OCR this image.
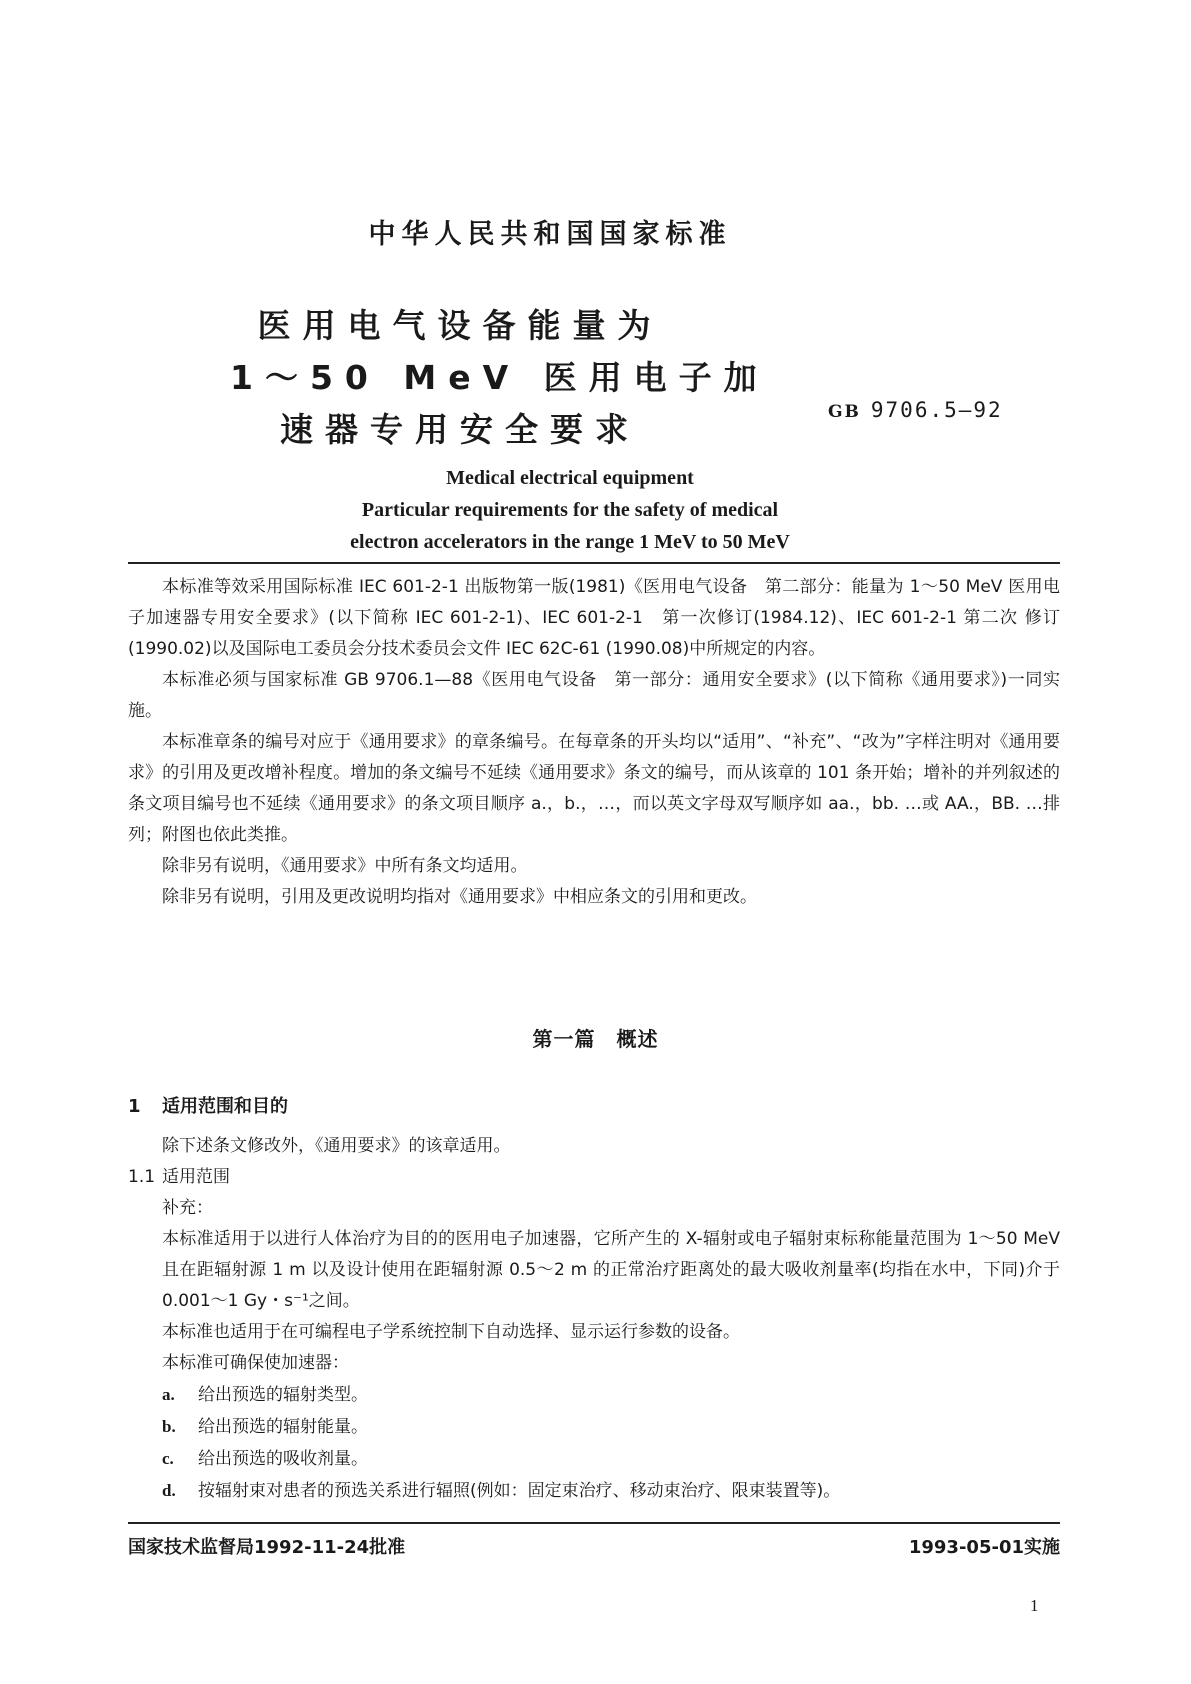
中华人民共和国国家标准
医用电气设备能量为
1～50 MeV 医用电子加
速器专用安全要求	GB 9706.5—92
Medical electrical equipment
Particular requirements for the safety of medical
electron accelerators in the range 1 MeV to 50 MeV

本标准等效采用国际标准 IEC 601-2-1 出版物第一版(1981)《医用电气设备　第二部分：能量为 1～50 MeV 医用电子加速器专用安全要求》(以下简称 IEC 601-2-1)、IEC 601-2-1　第一次修订(1984.12)、IEC 601-2-1 第二次 修订(1990.02)以及国际电工委员会分技术委员会文件 IEC 62C-61 (1990.08)中所规定的内容。

本标准必须与国家标准 GB 9706.1—88《医用电气设备　第一部分：通用安全要求》(以下简称《通用要求》)一同实施。

本标准章条的编号对应于《通用要求》的章条编号。在每章条的开头均以“适用”、“补充”、“改为”字样注明对《通用要求》的引用及更改增补程度。增加的条文编号不延续《通用要求》条文的编号，而从该章的 101 条开始；增补的并列叙述的条文项目编号也不延续《通用要求》的条文项目顺序 a.，b.，…，而以英文字母双写顺序如 aa.，bb. …或 AA.，BB. …排列；附图也依此类推。

除非另有说明，《通用要求》中所有条文均适用。

除非另有说明，引用及更改说明均指对《通用要求》中相应条文的引用和更改。

第一篇　概述
1 适用范围和目的

除下述条文修改外，《通用要求》的该章适用。

1.1 适用范围

补充：

本标准适用于以进行人体治疗为目的的医用电子加速器，它所产生的 X-辐射或电子辐射束标称能量范围为 1～50 MeV 且在距辐射源 1 m 以及设计使用在距辐射源 0.5～2 m 的正常治疗距离处的最大吸收剂量率(均指在水中，下同)介于 0.001～1 Gy・s⁻¹之间。

本标准也适用于在可编程电子学系统控制下自动选择、显示运行参数的设备。

本标准可确保使加速器：

a. 给出预选的辐射类型。

b. 给出预选的辐射能量。

c. 给出预选的吸收剂量。

d. 按辐射束对患者的预选关系进行辐照(例如：固定束治疗、移动束治疗、限束装置等)。

国家技术监督局1992-11-24批准	1993-05-01实施
1
